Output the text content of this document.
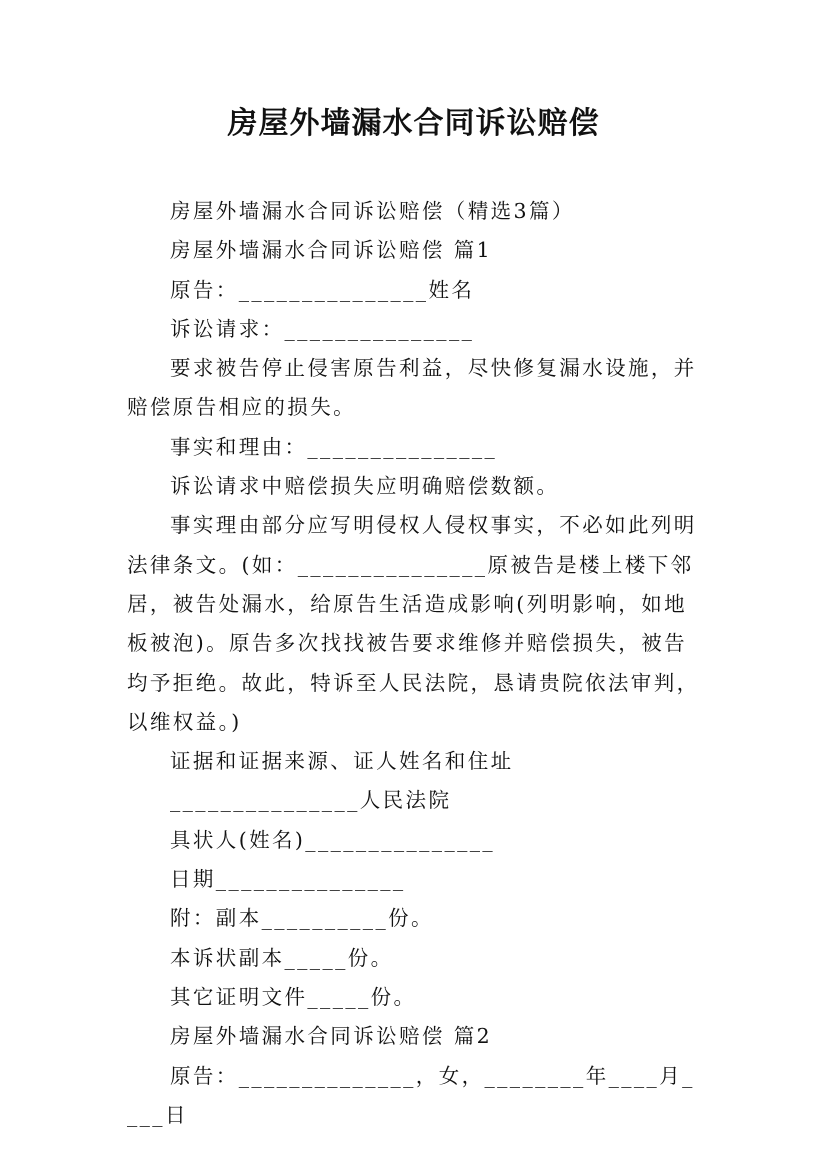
房屋外墙漏水合同诉讼赔偿

房屋外墙漏水合同诉讼赔偿（精选3篇）

房屋外墙漏水合同诉讼赔偿 篇1

原告：_______________姓名

诉讼请求：_______________

要求被告停止侵害原告利益，尽快修复漏水设施，并赔偿原告相应的损失。

事实和理由：_______________

诉讼请求中赔偿损失应明确赔偿数额。

事实理由部分应写明侵权人侵权事实，不必如此列明法律条文。(如：_______________原被告是楼上楼下邻居，被告处漏水，给原告生活造成影响(列明影响，如地板被泡)。原告多次找找被告要求维修并赔偿损失，被告均予拒绝。故此，特诉至人民法院，恳请贵院依法审判，以维权益。)

证据和证据来源、证人姓名和住址

_______________人民法院

具状人(姓名)_______________

日期_______________

附：副本__________份。

本诉状副本_____份。

其它证明文件_____份。

房屋外墙漏水合同诉讼赔偿 篇2

原告：______________，女，________年____月____日
